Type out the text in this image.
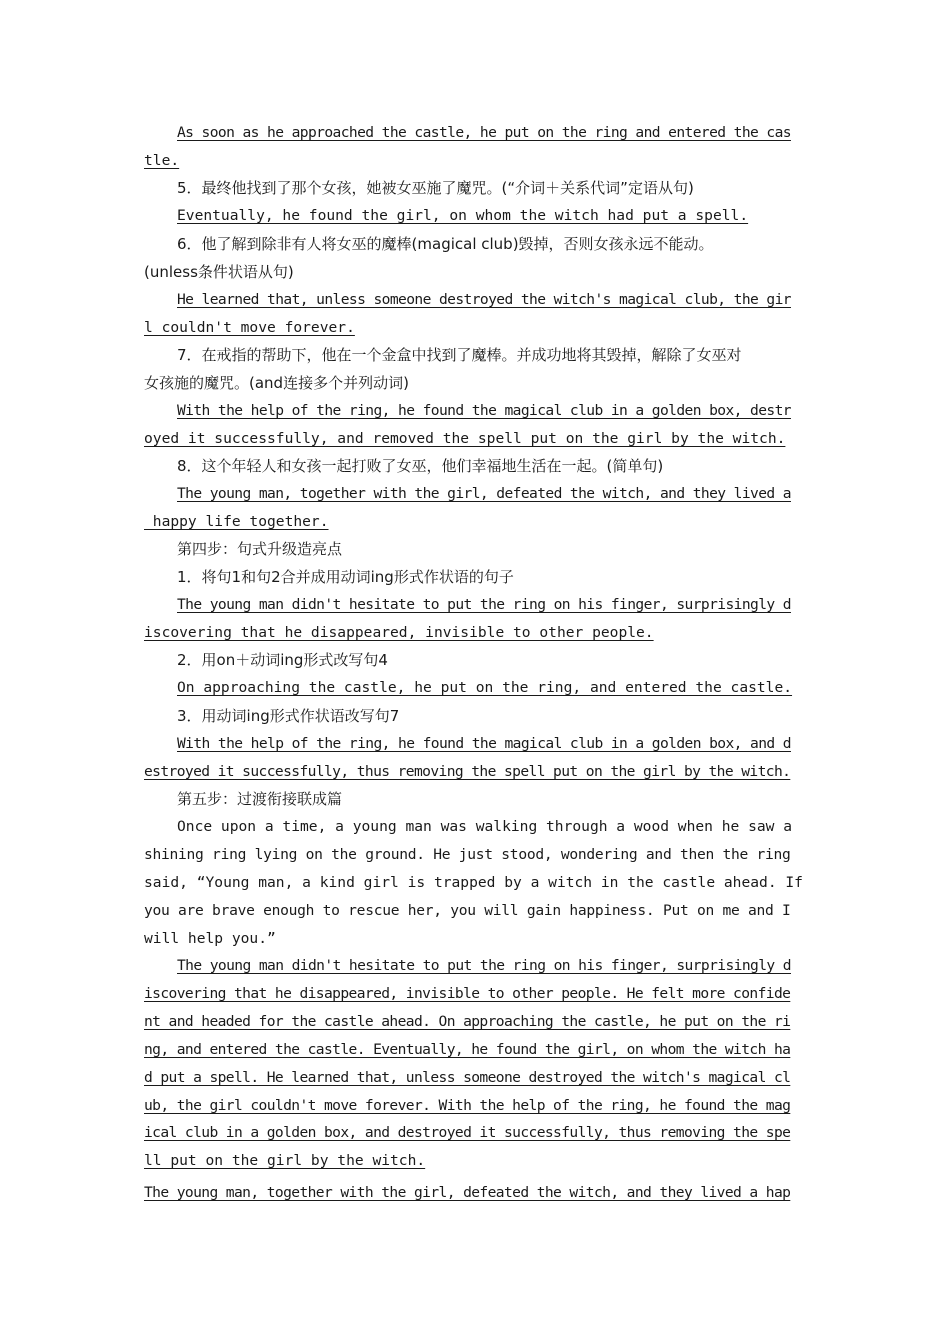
As soon as he approached the castle, he put on the ring and entered the cas
tle.
5．最终他找到了那个女孩，她被女巫施了魔咒。(“介词＋关系代词”定语从句)
Eventually, he found the girl, on whom the witch had put a spell.
6．他了解到除非有人将女巫的魔棒(magical club)毁掉，否则女孩永远不能动。
(unless条件状语从句)
He learned that, unless someone destroyed the witch's magical club, the gir
l couldn't move forever.
7．在戒指的帮助下，他在一个金盒中找到了魔棒。并成功地将其毁掉，解除了女巫对
女孩施的魔咒。(and连接多个并列动词)
With the help of the ring, he found the magical club in a golden box, destr
oyed it successfully, and removed the spell put on the girl by the witch.
8．这个年轻人和女孩一起打败了女巫，他们幸福地生活在一起。(简单句)
The young man, together with the girl, defeated the witch, and they lived a
happy life together.
第四步：句式升级造亮点
1．将句1和句2合并成用动词ing形式作状语的句子
The young man didn't hesitate to put the ring on his finger, surprisingly d
iscovering that he disappeared, invisible to other people.
2．用on＋动词ing形式改写句4
On approaching the castle, he put on the ring, and entered the castle.
3．用动词ing形式作状语改写句7
With the help of the ring, he found the magical club in a golden box, and d
estroyed it successfully, thus removing the spell put on the girl by the witch.
第五步：过渡衔接联成篇
Once upon a time, a young man was walking through a wood when he saw a
shining ring lying on the ground. He just stood, wondering and then the ring
said, “Young man, a kind girl is trapped by a witch in the castle ahead. If
you are brave enough to rescue her, you will gain happiness. Put on me and I
will help you.”
The young man didn't hesitate to put the ring on his finger, surprisingly d
iscovering that he disappeared, invisible to other people. He felt more confide
nt and headed for the castle ahead. On approaching the castle, he put on the ri
ng, and entered the castle. Eventually, he found the girl, on whom the witch ha
d put a spell. He learned that, unless someone destroyed the witch's magical cl
ub, the girl couldn't move forever. With the help of the ring, he found the mag
ical club in a golden box, and destroyed it successfully, thus removing the spe
ll put on the girl by the witch.
The young man, together with the girl, defeated the witch, and they lived a hap
